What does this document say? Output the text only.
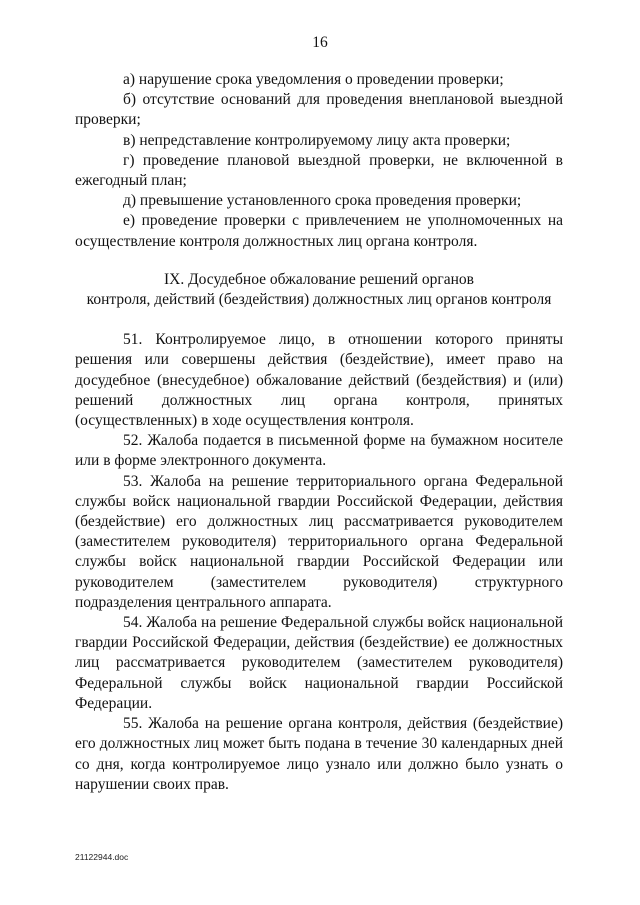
16

а) нарушение срока уведомления о проведении проверки;

б) отсутствие оснований для проведения внеплановой выездной проверки;

в) непредставление контролируемому лицу акта проверки;

г) проведение плановой выездной проверки, не включенной в ежегодный план;

д) превышение установленного срока проведения проверки;

е) проведение проверки с привлечением не уполномоченных на осуществление контроля должностных лиц органа контроля.

IX. Досудебное обжалование решений органов
контроля, действий (бездействия) должностных лиц органов контроля

51. Контролируемое лицо, в отношении которого приняты решения или совершены действия (бездействие), имеет право на досудебное (внесудебное) обжалование действий (бездействия) и (или) решений должностных лиц органа контроля, принятых (осуществленных) в ходе осуществления контроля.

52. Жалоба подается в письменной форме на бумажном носителе или в форме электронного документа.

53. Жалоба на решение территориального органа Федеральной службы войск национальной гвардии Российской Федерации, действия (бездействие) его должностных лиц рассматривается руководителем (заместителем руководителя) территориального органа Федеральной службы войск национальной гвардии Российской Федерации или руководителем (заместителем руководителя) структурного подразделения центрального аппарата.

54. Жалоба на решение Федеральной службы войск национальной гвардии Российской Федерации, действия (бездействие) ее должностных лиц рассматривается руководителем (заместителем руководителя) Федеральной службы войск национальной гвардии Российской Федерации.

55. Жалоба на решение органа контроля, действия (бездействие) его должностных лиц может быть подана в течение 30 календарных дней со дня, когда контролируемое лицо узнало или должно было узнать о нарушении своих прав.

21122944.doc
